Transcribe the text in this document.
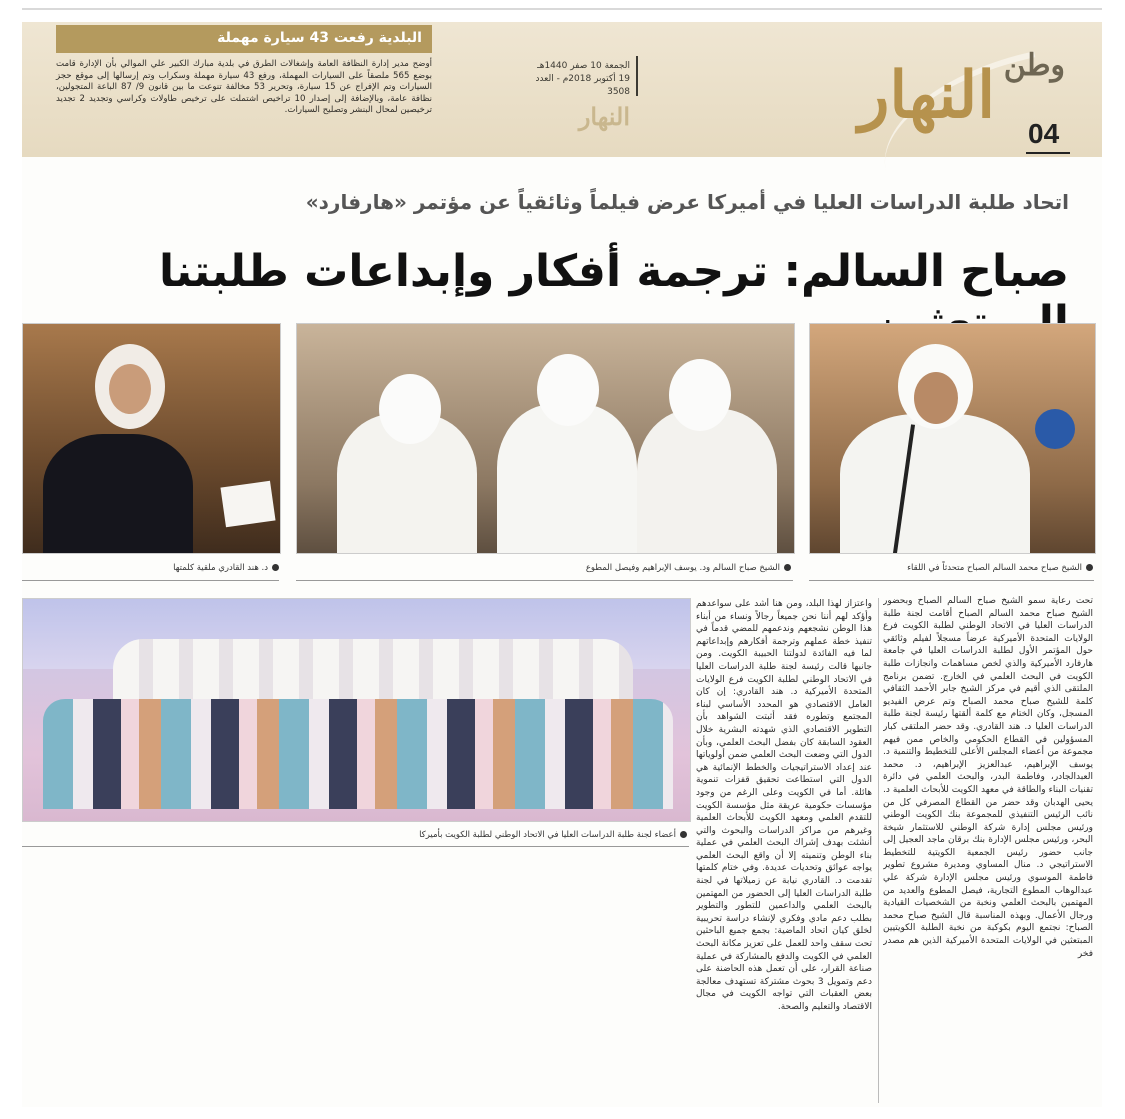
البلدية رفعت 43 سيارة مهملة
أوضح مدير إدارة النظافة العامة وإشغالات الطرق في بلدية مبارك الكبير علي الموالي بأن الإدارة قامت بوضع 565 ملصقاً على السيارات المهملة، ورفع 43 سيارة مهملة وسكراب وتم إرسالها إلى موقع حجز السيارات وتم الإفراج عن 15 سيارة، وتحرير 53 مخالفة تنوعت ما بين قانون 9/ 87 الباعة المتجولين، نظافة عامة، وبالإضافة إلى إصدار 10 تراخيص اشتملت على ترخيص طاولات وكراسي وتجديد 2 تجديد ترخيصين لمحال البنشر وتصليح السيارات.
الجمعة 10 صفر 1440هـ
19 أكتوبر 2018م - العدد 3508
النهار
وطن
النهار
04
اتحاد طلبة الدراسات العليا في أميركا عرض فيلماً وثائقياً عن مؤتمر «هارفارد»
صباح السالم: ترجمة أفكار وإبداعات طلبتنا
الشيخ صباح محمد السالم الصباح متحدثاً في اللقاء
الشيخ صباح السالم ود. يوسف الإبراهيم وفيصل المطوع
د. هند القادري ملقية كلمتها
أعضاء لجنة طلبة الدراسات العليا في الاتحاد الوطني لطلبة الكويت بأميركا
تحت رعاية سمو الشيخ صباح السالم الصباح وبحضور الشيخ صباح محمد السالم الصباح أقامت لجنة طلبة الدراسات العليا في الاتحاد الوطني لطلبة الكويت فرع الولايات المتحدة الأميركية عرضاً مسجلاً لفيلم وثائقي حول المؤتمر الأول لطلبة الدراسات العليا في جامعة هارفارد الأميركية والذي لخص مساهمات وانجازات طلبة الكويت في البحث العلمي في الخارج. تضمن برنامج الملتقى الذي أقيم في مركز الشيخ جابر الأحمد الثقافي كلمة للشيخ صباح محمد الصباح وتم عرض الفيديو المسجل، وكان الختام مع كلمة ألقتها رئيسة لجنة طلبة الدراسات العليا د. هند القادري. وقد حضر الملتقى كبار المسؤولين في القطاع الحكومي والخاص ممن فيهم مجموعة من أعضاء المجلس الأعلى للتخطيط والتنمية د. يوسف الإبراهيم، عبدالعزيز الإبراهيم، د. محمد العبدالجادر، وفاطمة البدر، والبحث العلمي في دائرة تقنيات البناء والطاقة في معهد الكويت للأبحاث العلمية د. يحيى الهدبان وقد حضر من القطاع المصرفي كل من نائب الرئيس التنفيذي للمجموعة بنك الكويت الوطني ورئيس مجلس إدارة شركة الوطني للاستثمار شيخة البحر، ورئيس مجلس الإدارة بنك برقان ماجد العجيل إلى جانب حضور رئيس الجمعية الكويتية للتخطيط الاستراتيجي د. منال المساوي ومديرة مشروع تطوير فاطمة الموسوي ورئيس مجلس الإدارة شركة علي عبدالوهاب المطوع التجارية، فيصل المطوع والعديد من المهتمين بالبحث العلمي ونخبة من الشخصيات القيادية ورجال الأعمال. وبهذه المناسبة قال الشيخ صباح محمد الصباح: نجتمع اليوم بكوكبة من نخبة الطلبة الكويتيين المبتعثين في الولايات المتحدة الأميركية الذين هم مصدر فخر
واعتزاز لهذا البلد، ومن هنا أشد على سواعدهم وأؤكد لهم أننا نحن جميعاً رجالاً ونساء من أبناء هذا الوطن نشجعهم وندعمهم للمضي قدماً في تنفيذ خطة عملهم وترجمة أفكارهم وإبداعاتهم لما فيه الفائدة لدولتنا الحبيبة الكويت. ومن جانبها قالت رئيسة لجنة طلبة الدراسات العليا في الاتحاد الوطني لطلبة الكويت فرع الولايات المتحدة الأميركية د. هند القادري: إن كان العامل الاقتصادي هو المحدد الأساسي لبناء المجتمع وتطوره فقد أثبتت الشواهد بأن التطوير الاقتصادي الذي شهدته البشرية خلال العقود السابقة كان بفضل البحث العلمي، وبأن الدول التي وضعت البحث العلمي ضمن أولوياتها عند إعداد الاستراتيجيات والخطط الإنمائية هي الدول التي استطاعت تحقيق قفزات تنموية هائلة. أما في الكويت وعلى الرغم من وجود مؤسسات حكومية عريقة مثل مؤسسة الكويت للتقدم العلمي ومعهد الكويت للأبحاث العلمية وغيرهم من مراكز الدراسات والبحوث والتي أنشئت بهدف إشراك البحث العلمي في عملية بناء الوطن وتنميته إلا أن واقع البحث العلمي يواجه عوائق وتحديات عديدة. وفي ختام كلمتها تقدمت د. القادري نيابة عن زميلاتها في لجنة طلبة الدراسات العليا إلى الحضور من المهتمين بالبحث العلمي والداعمين للتطور والتطوير بطلب دعم مادي وفكري لإنشاء دراسة تحريبية لخلق كيان اتحاد الماضية: بجمع جميع الباحثين تحت سقف واحد للعمل على تعزيز مكانة البحث العلمي في الكويت والدفع بالمشاركة في عملية صناعة القرار، على أن تعمل هذه الحاضنة على دعم وتمويل 3 بحوث مشتركة تستهدف معالجة بعض العقبات التي تواجه الكويت في مجال الاقتصاد والتعليم والصحة.
